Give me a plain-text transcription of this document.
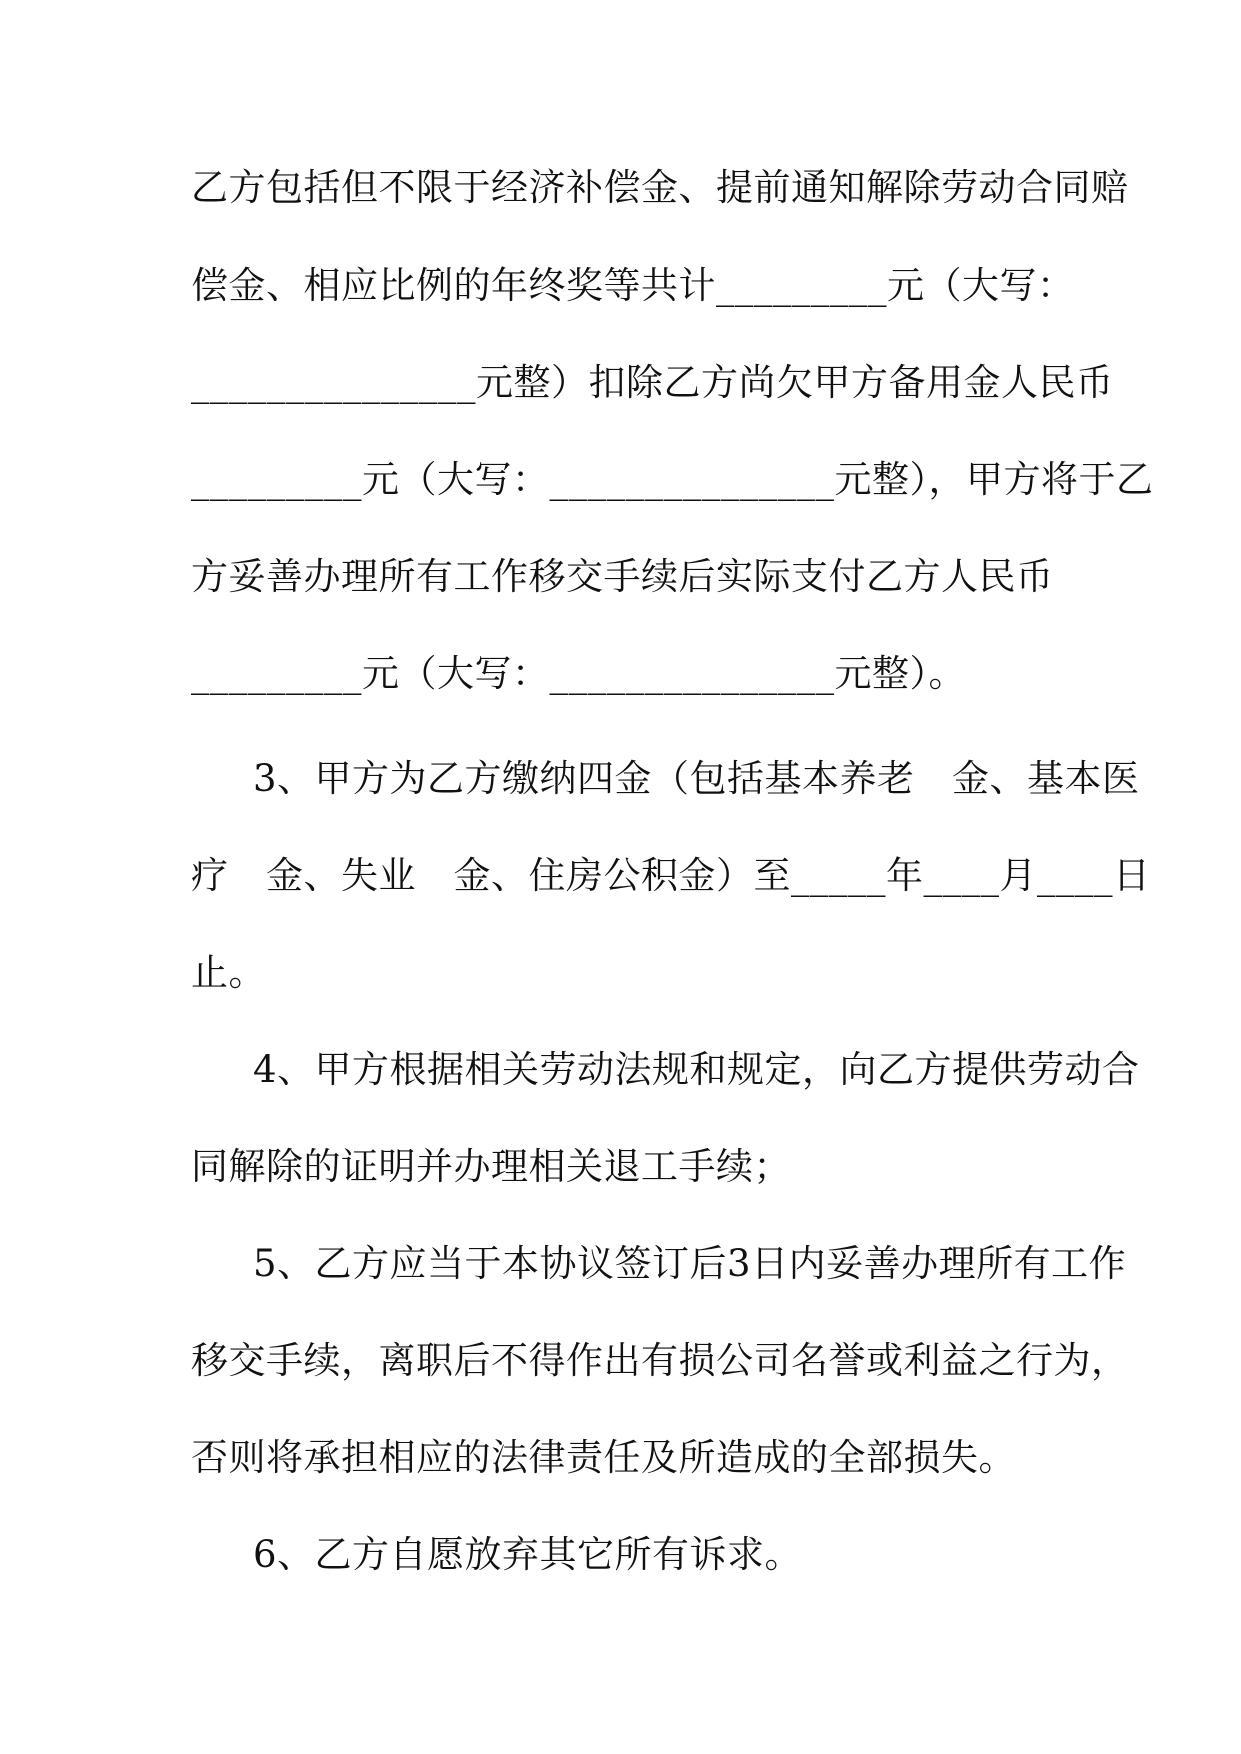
乙方包括但不限于经济补偿金、提前通知解除劳动合同赔

偿金、相应比例的年终奖等共计_________元（大写：

_______________元整）扣除乙方尚欠甲方备用金人民币

_________元（大写：_______________元整），甲方将于乙

方妥善办理所有工作移交手续后实际支付乙方人民币

_________元（大写：_______________元整）。

3、甲方为乙方缴纳四金（包括基本养老　金、基本医

疗　金、失业　金、住房公积金）至_____年____月____日

止。

4、甲方根据相关劳动法规和规定，向乙方提供劳动合

同解除的证明并办理相关退工手续；

5、乙方应当于本协议签订后3日内妥善办理所有工作

移交手续，离职后不得作出有损公司名誉或利益之行为，

否则将承担相应的法律责任及所造成的全部损失。

6、乙方自愿放弃其它所有诉求。
